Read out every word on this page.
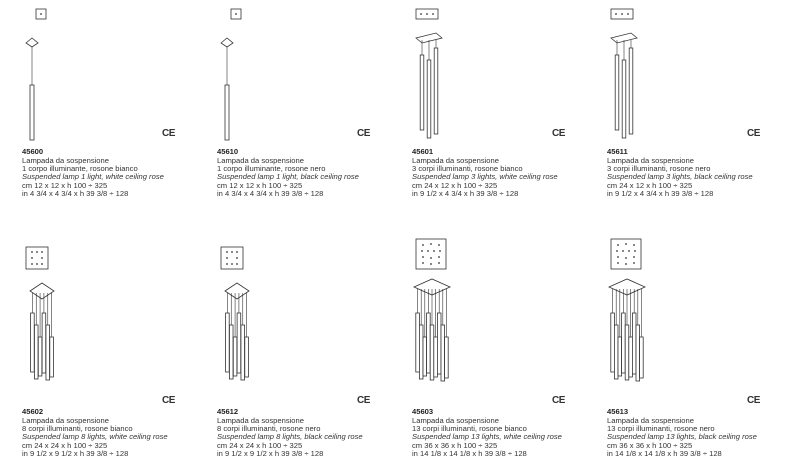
CE
45600
Lampada da sospensione
1 corpo illuminante, rosone bianco
Suspended lamp 1 light, white ceiling rose
cm 12 x 12 x h 100 ÷ 325
in 4 3/4 x 4 3/4 x h 39 3/8 ÷ 128
CE
45610
Lampada da sospensione
1 corpo illuminante, rosone nero
Suspended lamp 1 light, black ceiling rose
cm 12 x 12 x h 100 ÷ 325
in 4 3/4 x 4 3/4 x h 39 3/8 ÷ 128
CE
45601
Lampada da sospensione
3 corpi illuminanti, rosone bianco
Suspended lamp 3 lights, white ceiling rose
cm 24 x 12 x h 100 ÷ 325
in 9 1/2 x 4 3/4 x h 39 3/8 ÷ 128
CE
45611
Lampada da sospensione
3 corpi illuminanti, rosone nero
Suspended lamp 3 lights, black ceiling rose
cm 24 x 12 x h 100 ÷ 325
in 9 1/2 x 4 3/4 x h 39 3/8 ÷ 128
CE
45602
Lampada da sospensione
8 corpi illuminanti, rosone bianco
Suspended lamp 8 lights, white ceiling rose
cm 24 x 24 x h 100 ÷ 325
in 9 1/2 x 9 1/2 x h 39 3/8 ÷ 128
CE
45612
Lampada da sospensione
8 corpi illuminanti, rosone nero
Suspended lamp 8 lights, black ceiling rose
cm 24 x 24 x h 100 ÷ 325
in 9 1/2 x 9 1/2 x h 39 3/8 ÷ 128
CE
45603
Lampada da sospensione
13 corpi illuminanti, rosone bianco
Suspended lamp 13 lights, white ceiling rose
cm 36 x 36 x h 100 ÷ 325
in 14 1/8 x 14 1/8 x h 39 3/8 ÷ 128
CE
45613
Lampada da sospensione
13 corpi illuminanti, rosone nero
Suspended lamp 13 lights, black ceiling rose
cm 36 x 36 x h 100 ÷ 325
in 14 1/8 x 14 1/8 x h 39 3/8 ÷ 128
